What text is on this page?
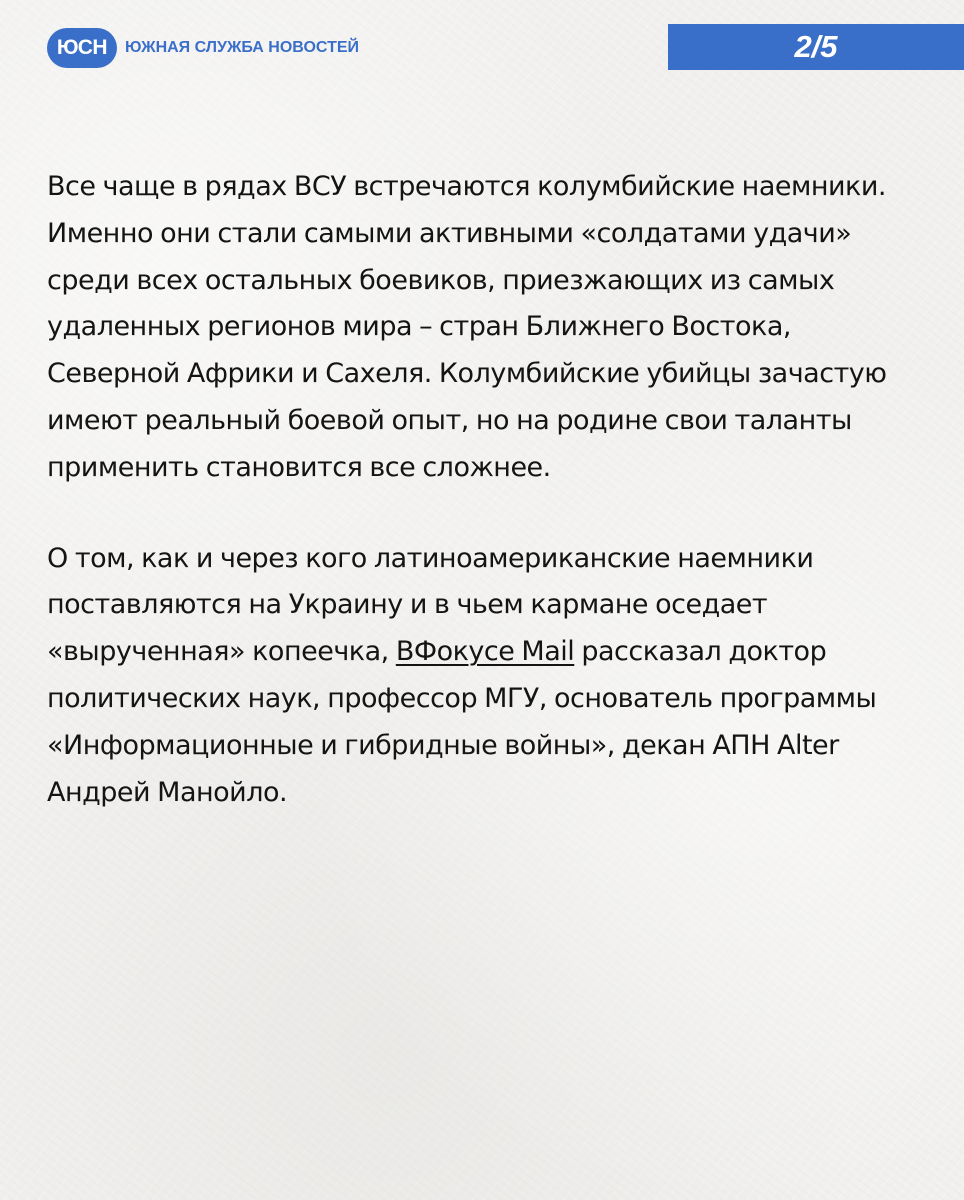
ЮСН	ЮЖНАЯ СЛУЖБА НОВОСТЕЙ	2/5

Все чаще в рядах ВСУ встречаются колумбийские наемники. Именно они стали самыми активными «солдатами удачи» среди всех остальных боевиков, приезжающих из самых удаленных регионов мира – стран Ближнего Востока, Северной Африки и Сахеля. Колумбийские убийцы зачастую имеют реальный боевой опыт, но на родине свои таланты применить становится все сложнее.

О том, как и через кого латиноамериканские наемники поставляются на Украину и в чьем кармане оседает «вырученная» копеечка, ВФокусе Mail рассказал доктор политических наук, профессор МГУ, основатель программы «Информационные и гибридные войны», декан АПН Alter Андрей Манойло.
